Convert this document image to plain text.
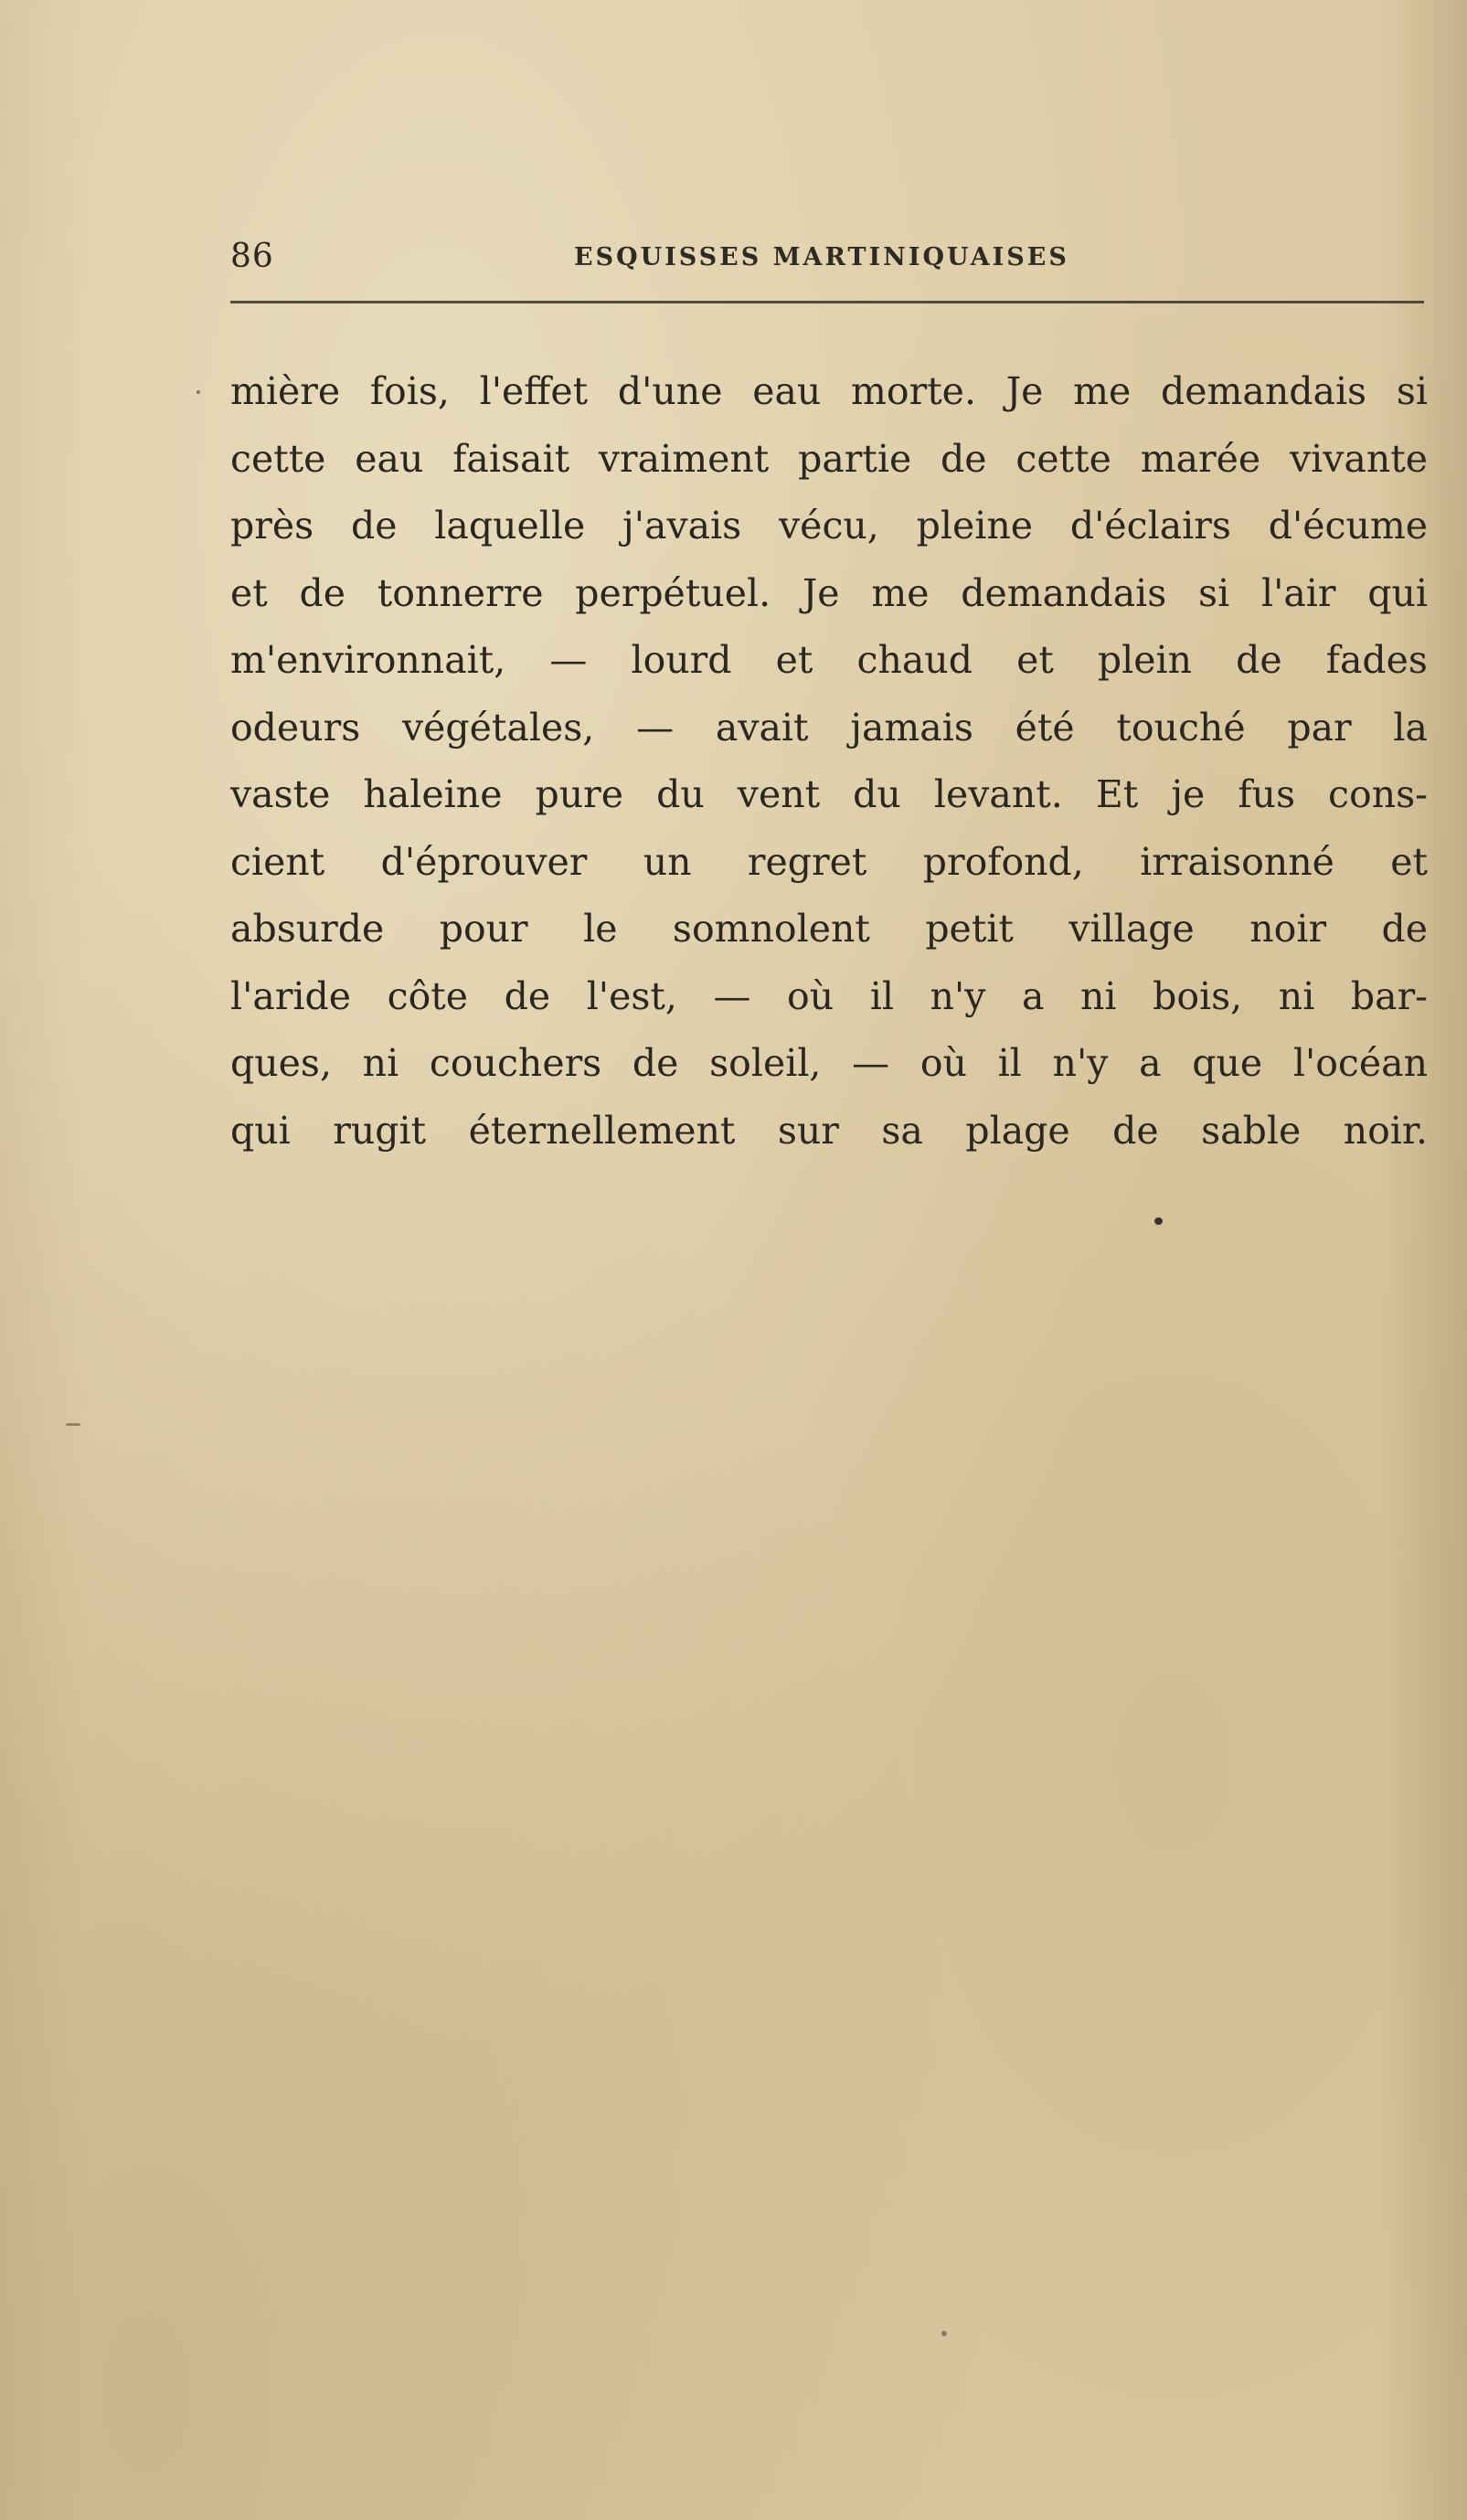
86	ESQUISSES MARTINIQUAISES
mière fois, l'effet d'une eau morte. Je me demandais si
cette eau faisait vraiment partie de cette marée vivante
près de laquelle j'avais vécu, pleine d'éclairs d'écume
et de tonnerre perpétuel. Je me demandais si l'air qui
m'environnait, — lourd et chaud et plein de fades
odeurs végétales, — avait jamais été touché par la
vaste haleine pure du vent du levant. Et je fus cons-
cient d'éprouver un regret profond, irraisonné et
absurde pour le somnolent petit village noir de
l'aride côte de l'est, — où il n'y a ni bois, ni bar-
ques, ni couchers de soleil, — où il n'y a que l'océan
qui rugit éternellement sur sa plage de sable noir.
